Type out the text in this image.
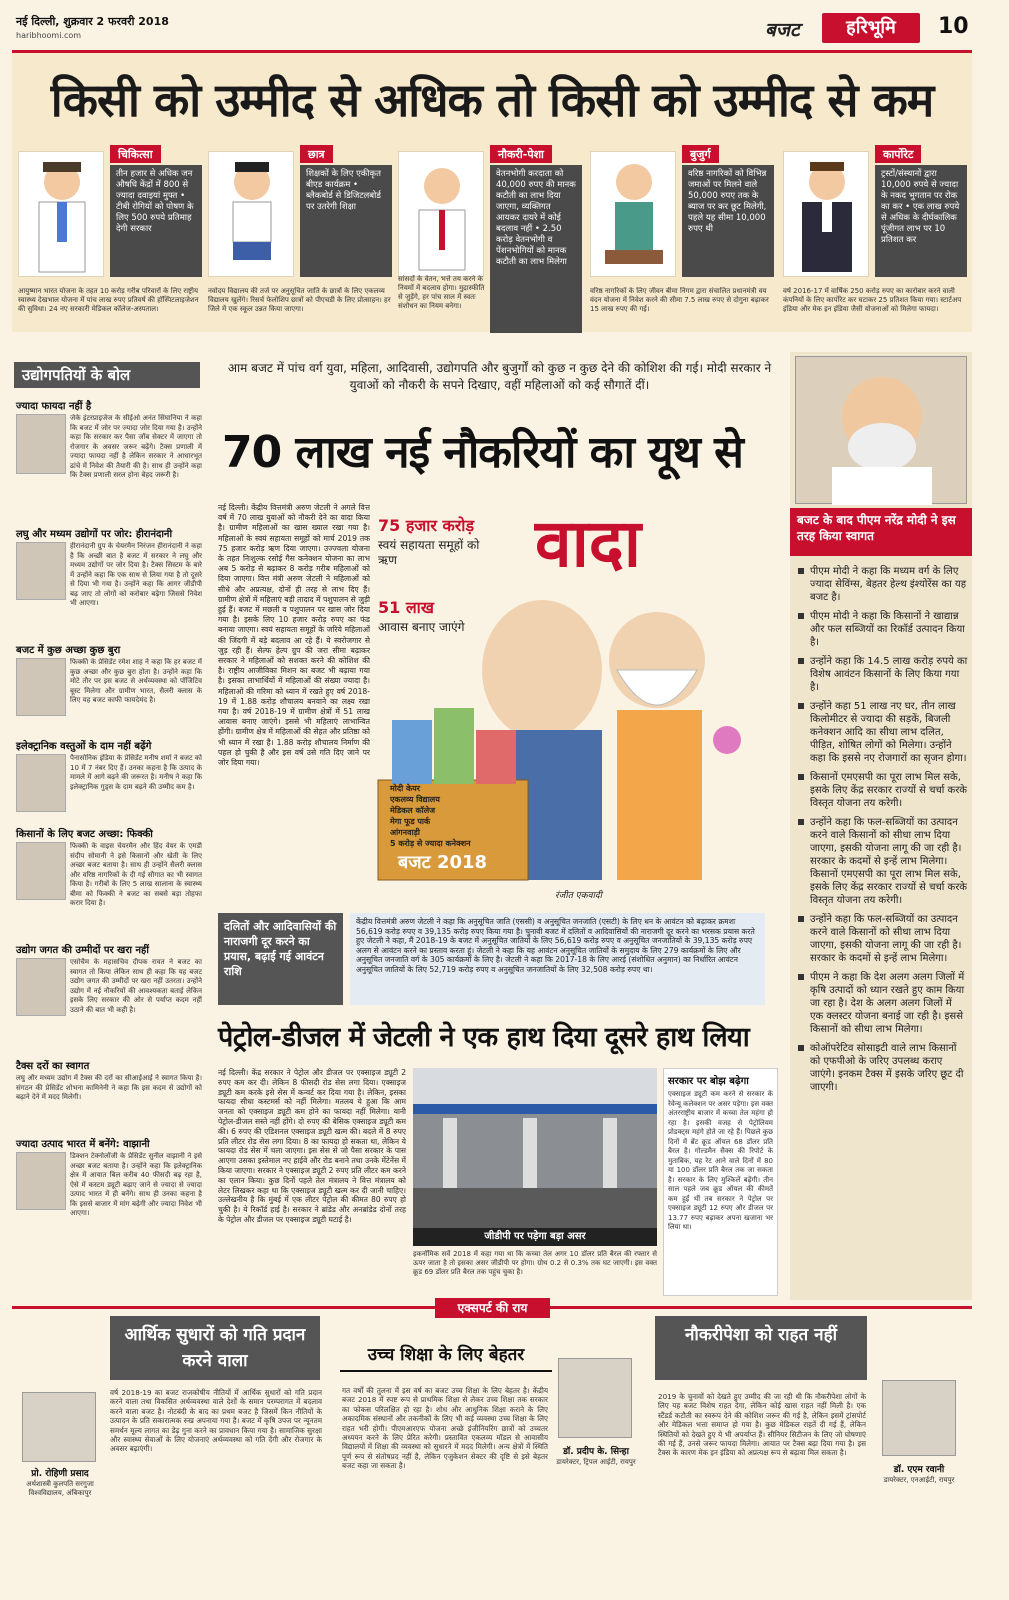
नई दिल्ली, शुक्रवार 2 फरवरी 2018
haribhoomi.com	बजट	हरिभूमि	10
किसी को उम्मीद से अधिक तो किसी को उम्मीद से कम
चिकित्सा
तीन हजार से अधिक जन औषधि केंद्रों में 800 से ज्यादा दवाइयां मुफ्त • टीबी रोगियों को पोषण के लिए 500 रुपये प्रतिमाह देगी सरकार
आयुष्मान भारत योजना के तहत 10 करोड़ गरीब परिवारों के लिए राष्ट्रीय स्वास्थ्य देखभाल योजना में पांच लाख रुपए प्रतिवर्ष की हॉस्पिटलाइजेशन की सुविधा। 24 नए सरकारी मेडिकल कॉलेज-अस्पताल।
छात्र
शिक्षकों के लिए एकीकृत बीएड कार्यक्रम • ब्लैकबोर्ड से डिजिटलबोर्ड पर उतरेगी शिक्षा
नवोदय विद्यालय की तर्ज पर अनुसूचित जाति के छात्रों के लिए एकलव्य विद्यालय खुलेंगे। रिसर्च फेलोशिप छात्रों को पीएचडी के लिए प्रोत्साहन। हर जिले में एक स्कूल उन्नत किया जाएगा।
नौकरी-पेशा
वेतनभोगी करदाता को 40,000 रुपए की मानक कटौती का लाभ दिया जाएगा, व्यक्तिगत आयकर दायरे में कोई बदलाव नहीं • 2.50 करोड़ वेतनभोगी व पेंशनभोगियों को मानक कटौती का लाभ मिलेगा
सांसदों के वेतन, भत्ते तय करने के नियमों में बदलाव होगा। मुद्रास्फीति से जुड़ेंगे, हर पांच साल में स्वतः संशोधन का नियम बनेगा।
बुजुर्ग
वरिष्ठ नागरिकों को विभिन्न जमाओं पर मिलने वाले 50,000 रुपए तक के ब्याज पर कर छूट मिलेगी, पहले यह सीमा 10,000 रुपए थी
वरिष्ठ नागरिकों के लिए जीवन बीमा निगम द्वारा संचालित प्रधानमंत्री वय वंदन योजना में निवेश करने की सीमा 7.5 लाख रुपए से दोगुना बढ़ाकर 15 लाख रुपए की गई।
कार्पोरेट
ट्रस्टों/संस्थानों द्वारा 10,000 रुपये से ज्यादा के नकद भुगतान पर रोक का कर • एक लाख रुपये से अधिक के दीर्घकालिक पूंजीगत लाभ पर 10 प्रतिशत कर
वर्ष 2016-17 में वार्षिक 250 करोड़ रुपए का कारोबार करने वाली कंपनियों के लिए कार्पोरेट कर घटाकर 25 प्रतिशत किया गया। स्टार्टअप इंडिया और मेक इन इंडिया जैसी योजनाओं को मिलेगा फायदा।
उद्योगपतियों के बोल
ज्यादा फायदा नहीं है
जेके इंटरप्राइजेज के सीईओ अनंत सिंघानिया ने कहा कि बजट में जोर पर ज्यादा जोर दिया गया है। उन्होंने कहा कि सरकार कर पैसा जॉब सेक्टर में जाएगा तो रोजगार के अवसर जरूर बढ़ेंगे। टैक्स प्रणाली में ज्यादा फायदा नहीं है लेकिन सरकार ने आधारभूत ढांचे में निवेश की तैयारी की है। साथ ही उन्होंने कहा कि टैक्स प्रणाली सरल होना बेहद जरूरी है।
लघु और मध्यम उद्योगों पर जोर: हीरानंदानी
हीरानंदानी ग्रुप के चेयरमैन निरंजन हीरानंदानी ने कहा है कि अच्छी बात है बजट में सरकार ने लघु और मध्यम उद्योगों पर जोर दिया है। टैक्स सिस्टम के बारे में उन्होंने कहा कि एक साथ से लिया गया है तो दूसरे से दिया भी गया है। उन्होंने कहा कि आगर जीडीपी बढ़ जाए तो लोगों को करोबार बढ़ेगा जिससे निवेश भी आएगा।
बजट में कुछ अच्छा कुछ बुरा
फिक्की के प्रेसिडेंट रमेश शाह ने कहा कि हर बजट में कुछ अच्छा और कुछ बुरा होता है। उन्होंने कहा कि मोटे तौर पर इस बजट से अर्थव्यवस्था को पॉजिटिव बूस्ट मिलेगा और ग्रामीण भारत, सैलरी क्लास के लिए यह बजट काफी फायदेमंद है।
इलेक्ट्रानिक वस्तुओं के दाम नहीं बढ़ेंगे
पैनासोनिक इंडिया के प्रेसिडेंट मनीष शर्मा ने बजट को 10 में 7 नंबर दिए हैं। उनका कहना है कि उत्पाद के मामले में आगे बढ़ने की जरूरत है। मनीष ने कहा कि इलेक्ट्रानिक गुड्स के दाम बढ़ने की उम्मीद कम है।
किसानों के लिए बजट अच्छा: फिक्की
फिक्की के वाइस चेयरमैन और हिंद वेयर के एमडी संदीप सोमानी ने इसे किसानों और खेती के लिए अच्छा बजट बताया है। साथ ही उन्होंने सैलरी क्लास और वरिष्ठ नागरिकों के दी गई सौगात का भी स्वागत किया है। गरीबों के लिए 5 लाख सालाना के स्वास्थ्य बीमा को फिक्की ने बजट का सबसे बड़ा तोहफा करार दिया है।
उद्योग जगत की उम्मीदों पर खरा नहीं
एसोचैम के महासचिव दीपक रावत ने बजट का स्वागत तो किया लेकिन साथ ही कहा कि यह बजट उद्योग जगत की उम्मीदों पर खरा नहीं उतरता। उन्होंने उद्योग में नई नौकरियों की आवश्यकता बताई लेकिन इसके लिए सरकार की ओर से पर्याप्त कदम नहीं उठाने की बात भी कही है।
टैक्स दरों का स्वागत
लघु और मध्यम उद्योग में टैक्स की दरों का सीआईआई ने स्वागत किया है। संगठन की प्रेसिडेंट शोभना कामिनेनी ने कहा कि इस कदम से उद्योगों को बढ़ाने देने में मदद मिलेगी।
ज्यादा उत्पाद भारत में बनेंगे: वाझानी
डिक्शन टेक्नोलॉजी के प्रेसिडेंट सुनील वाझानी ने इसे अच्छा बजट बताया है। उन्होंने कहा कि इलेक्ट्रानिक क्षेत्र में आयात बिल करीब 40 फीसदी बढ़ रहा है, ऐसे में कस्टम ड्यूटी बढ़ाए जाने से ज्यादा से ज्यादा उत्पाद भारत में ही बनेंगे। साथ ही उनका कहना है कि इससे बाजार में मांग बढ़ेगी और ज्यादा निवेश भी आएगा।
आम बजट में पांच वर्ग युवा, महिला, आदिवासी, उद्योगपति और बुजुर्गों को कुछ न कुछ देने की कोशिश की गई। मोदी सरकार ने युवाओं को नौकरी के सपने दिखाए, वहीं महिलाओं को कई सौगातें दीं।
70 लाख नई नौकरियों का यूथ से
वादा
75 हजार करोड़
स्वयं सहायता समूहों को ऋण
51 लाख
आवास बनाए जाएंगे
नई दिल्ली। केंद्रीय वित्तमंत्री अरुण जेटली ने अगले वित्त वर्ष में 70 लाख युवाओं को नौकरी देने का वादा किया है। ग्रामीण महिलाओं का खास ख्याल रखा गया है। महिलाओं के स्वयं सहायता समूहों को मार्च 2019 तक 75 हजार करोड़ ऋण दिया जाएगा। उज्ज्वला योजना के तहत निःशुल्क रसोई गैस कनेक्शन योजना का लाभ अब 5 करोड़ से बढ़ाकर 8 करोड़ गरीब महिलाओं को दिया जाएगा। वित्त मंत्री अरुण जेटली ने महिलाओं को सीधे और अप्रत्यक्ष, दोनों ही तरह से लाभ दिए हैं। ग्रामीण क्षेत्रों में महिलाएं बड़ी तादाद में पशुपालन से जुड़ी हुई हैं। बजट में मछली व पशुपालन पर खास जोर दिया गया है। इसके लिए 10 हजार करोड़ रुपए का फंड बनाया जाएगा। स्वयं सहायता समूहों के जरिये महिलाओं की जिंदगी में बड़े बदलाव आ रहे हैं। ये स्वरोजगार से जुड़ रही हैं। सेल्फ हेल्प ग्रुप की जरा सीमा बढ़ाकर सरकार ने महिलाओं को सशक्त करने की कोशिश की है। राष्ट्रीय आजीविका मिशन का बजट भी बढ़ाया गया है। इसका लाभार्थियों में महिलाओं की संख्या ज्यादा है। महिलाओं की गरिमा को ध्यान में रखते हुए वर्ष 2018-19 में 1.88 करोड़ शौचालय बनवाने का लक्ष्य रखा गया है। वर्ष 2018-19 में ग्रामीण क्षेत्रों में 51 लाख आवास बनाए जाएंगे। इससे भी महिलाएं लाभान्वित होंगी। ग्रामीण क्षेत्र में महिलाओं की सेहत और प्रतिष्ठा को भी ध्यान में रखा है। 1.88 करोड़ शौचालय निर्माण की पहल हो चुकी है और इस वर्ष उसे गति दिए जाने पर जोर दिया गया।
मोदी केयर
एकलव्य विद्यालय
मेडिकल कॉलेज
मेगा फूड पार्क
आंगनवाड़ी
5 करोड़ से ज्यादा कनेक्शन
बजट 2018
रंजीत एकवादी
बजट के बाद पीएम नरेंद्र मोदी ने इस तरह किया स्वागत
पीएम मोदी ने कहा कि मध्यम वर्ग के लिए ज्यादा सेविंग्स, बेहतर हेल्थ इंश्योरेंस का यह बजट है।
पीएम मोदी ने कहा कि किसानों ने खाद्यान्न और फल सब्जियों का रिकॉर्ड उत्पादन किया है।
उन्होंने कहा कि 14.5 लाख करोड़ रुपये का विशेष आवंटन किसानों के लिए किया गया है।
उन्होंने कहा 51 लाख नए घर, तीन लाख किलोमीटर से ज्यादा की सड़कें, बिजली कनेक्शन आदि का सीधा लाभ दलित, पीड़ित, शोषित लोगों को मिलेगा। उन्होंने कहा कि इससे नए रोजगारों का सृजन होगा।
किसानों एमएसपी का पूरा लाभ मिल सके, इसके लिए केंद्र सरकार राज्यों से चर्चा करके विस्तृत योजना तय करेगी।
उन्होंने कहा कि फल-सब्जियों का उत्पादन करने वाले किसानों को सीधा लाभ दिया जाएगा, इसकी योजना लागू की जा रही है। सरकार के कदमों से इन्हें लाभ मिलेगा। किसानों एमएसपी का पूरा लाभ मिल सके, इसके लिए केंद्र सरकार राज्यों से चर्चा करके विस्तृत योजना तय करेगी।
उन्होंने कहा कि फल-सब्जियों का उत्पादन करने वाले किसानों को सीधा लाभ दिया जाएगा, इसकी योजना लागू की जा रही है। सरकार के कदमों से इन्हें लाभ मिलेगा।
पीएम ने कहा कि देश अलग अलग जिलों में कृषि उत्पादों को ध्यान रखते हुए काम किया जा रहा है। देश के अलग अलग जिलों में एक क्लस्टर योजना बनाई जा रही है। इससे किसानों को सीधा लाभ मिलेगा।
कोऑपरेटिव सोसाइटी वाले लाभ किसानों को एफपीओ के जरिए उपलब्ध कराए जाएंगे। इनकम टैक्स में इसके जरिए छूट दी जाएगी।
दलितों और आदिवासियों की नाराजगी दूर करने का प्रयास, बढ़ाई गई आवंटन राशि
केंद्रीय वित्तमंत्री अरुण जेटली ने कहा कि अनुसूचित जाति (एससी) व अनुसूचित जनजाति (एसटी) के लिए धन के आवंटन को बढ़ाकर क्रमशः 56,619 करोड़ रुपए व 39,135 करोड़ रुपए किया गया है। चुनावी बजट में दलितों व आदिवासियों की नाराजगी दूर करने का भरसक प्रयास करते हुए जेटली ने कहा, मैं 2018-19 के बजट में अनुसूचित जातियों के लिए 56,619 करोड़ रुपए व अनुसूचित जनजातियों के 39,135 करोड़ रुपए अलग से आवंटन करने का प्रस्ताव करता हूं। जेटली ने कहा कि यह आवंटन अनुसूचित जातियों के समुदाय के लिए 279 कार्यक्रमों के लिए और अनुसूचित जनजाति वर्ग के 305 कार्यक्रमों के लिए है। जेटली ने कहा कि 2017-18 के लिए आरई (संशोधित अनुमान) का निर्धारित आवंटन अनुसूचित जातियों के लिए 52,719 करोड़ रुपए व अनुसूचित जनजातियों के लिए 32,508 करोड़ रुपए था।
पेट्रोल-डीजल में जेटली ने एक हाथ दिया दूसरे हाथ लिया
नई दिल्ली। केंद्र सरकार ने पेट्रोल और डीजल पर एक्साइज ड्यूटी 2 रुपए कम कर दी। लेकिन 8 फीसदी रोड सेस लगा दिया। एक्साइज ड्यूटी कम करके इसे सेस में कन्वर्ट कर दिया गया है। लेकिन, इसका फायदा सीधा कस्टमर्स को नहीं मिलेगा। मतलब ये हुआ कि आम जनता को एक्साइज ड्यूटी कम होने का फायदा नहीं मिलेगा। यानी पेट्रोल-डीजल सस्ते नहीं होंगे। दो रुपए की बेसिक एक्साइज ड्यूटी कम की। 6 रुपए की एडिशनल एक्साइज ड्यूटी खत्म की। बदले में 8 रुपए प्रति लीटर रोड सेस लगा दिया। 8 का फायदा हो सकता था, लेकिन ये फायदा रोड सेस में चला जाएगा। इस सेस से जो पैसा सरकार के पास आएगा उसका इस्तेमाल नए हाईवे और रोड बनाने तथा उनके मेंटेनेंस में किया जाएगा। सरकार ने एक्साइज ड्यूटी 2 रुपए प्रति लीटर कम करने का एलान किया। कुछ दिनों पहले तेल मंत्रालय ने वित्त मंत्रालय को लेटर लिखकर कहा था कि एक्साइज ड्यूटी खत्म कर दी जानी चाहिए। उल्लेखनीय है कि मुंबई में एक लीटर पेट्रोल की कीमत 80 रुपए हो चुकी है। ये रिकॉर्ड हाई है। सरकार ने ब्रांडेड और अनब्रांडेड दोनों तरह के पेट्रोल और डीजल पर एक्साइज ड्यूटी घटाई है।
जीडीपी पर पड़ेगा बड़ा असर
इकनॉमिक सर्वे 2018 में कहा गया था कि कच्चा तेल अगर 10 डॉलर प्रति बैरल की रफ्तार से ऊपर जाता है तो इसका असर जीडीपी पर होगा। ग्रोथ 0.2 से 0.3% तक घट जाएगी। इस वक्त क्रूड 69 डॉलर प्रति बैरल तक पहुंच चुका है।
सरकार पर बोझ बढ़ेगा
एक्साइज ड्यूटी कम करने से सरकार के रेवेन्यू कलेक्शन पर असर पड़ेगा। इस वक्त अंतरराष्ट्रीय बाजार में कच्चा तेल महंगा हो रहा है। इसकी वजह से पेट्रोलियम प्रोडक्ट्स महंगे होते जा रहे हैं। पिछले कुछ दिनों में ब्रेंट क्रूड ऑयल 68 डॉलर प्रति बैरल है। गोल्डमैन सैक्स की रिपोर्ट के मुताबिक, यह रेट आने वाले दिनों में 80 या 100 डॉलर प्रति बैरल तक जा सकता है। सरकार के लिए मुश्किलें बढ़ेंगी। तीन साल पहले जब क्रूड ऑयल की कीमतें कम हुईं थीं तब सरकार ने पेट्रोल पर एक्साइज ड्यूटी 12 रुपए और डीजल पर 13.77 रुपए बढ़ाकर अपना खजाना भर लिया था।
एक्सपर्ट की राय
आर्थिक सुधारों को गति प्रदान करने वाला
प्रो. रोहिणी प्रसाद
अर्थशास्त्री कुलपति सरगुजा विश्वविद्यालय, अंबिकापुर
वर्ष 2018-19 का बजट राजकोषीय नीतियों में आर्थिक सुधारों को गति प्रदान करने वाला तथा विकसित अर्थव्यवस्था वाले देशों के समान परम्परागत में बदलाव करने वाला बजट है। नोटबंदी के बाद का प्रथम बजट है जिसमें किन नीतियों के उत्पादन के प्रति सकारात्मक रुख अपनाया गया है। बजट में कृषि उपज पर न्यूनतम समर्थन मूल्य लागत का डेढ़ गुना करने का प्रावधान किया गया है। सामाजिक सुरक्षा और स्वास्थ्य सेवाओं के लिए योजनाएं अर्थव्यवस्था को गति देंगी और रोजगार के अवसर बढ़ाएंगी।
उच्च शिक्षा के लिए बेहतर
गत वर्षों की तुलना में इस वर्ष का बजट उच्च शिक्षा के लिए बेहतर है। केंद्रीय बजट 2018 में स्पष्ट रूप से प्राथमिक शिक्षा से लेकर उच्च शिक्षा तक सरकार का फोकस परिलक्षित हो रहा है। शोध और आधुनिक शिक्षा कराने के लिए अकादमिक संस्थानों और तकनीकों के लिए भी कई व्यवस्था उच्च शिक्षा के लिए राहत भरी होगी। पीएमआरएफ योजना अच्छे इंजीनियरिंग छात्रों को उच्चतर अध्ययन करने के लिए प्रेरित करेगी। प्रस्तावित एकलव्य मॉडल से आवासीय विद्यालयों में शिक्षा की व्यवस्था को सुधारने में मदद मिलेगी। अन्य क्षेत्रों में स्थिति पूर्ण रूप से संतोषप्रद नहीं है, लेकिन एजुकेशन सेक्टर की दृष्टि से इसे बेहतर बजट कहा जा सकता है।
डॉ. प्रदीप के. सिन्हा
डायरेक्टर, ट्रिपल आईटी, रायपुर
नौकरीपेशा को राहत नहीं
2019 के चुनावों को देखते हुए उम्मीद की जा रही थी कि नौकरीपेशा लोगों के लिए यह बजट विशेष राहत देगा, लेकिन कोई खास राहत नहीं मिली है। एक स्टैंडर्ड कटौती का स्वरूप देने की कोशिश जरूर की गई है, लेकिन इसमें ट्रांसपोर्ट और मेडिकल भत्ता समाप्त हो गया है। कुछ मेडिकल राहतें दी गई हैं, लेकिन स्थितियों को देखते हुए ये भी अपर्याप्त हैं। सीनियर सिटीजन के लिए जो घोषणाएं की गई हैं, उनसे जरूर फायदा मिलेगा। आयात पर टैक्स बढ़ा दिया गया है। इस टैक्स के कारण मेक इन इंडिया को अप्रत्यक्ष रूप से बढ़ावा मिल सकता है।
डॉ. एएम रवानी
डायरेक्टर, एनआईटी, रायपुर
